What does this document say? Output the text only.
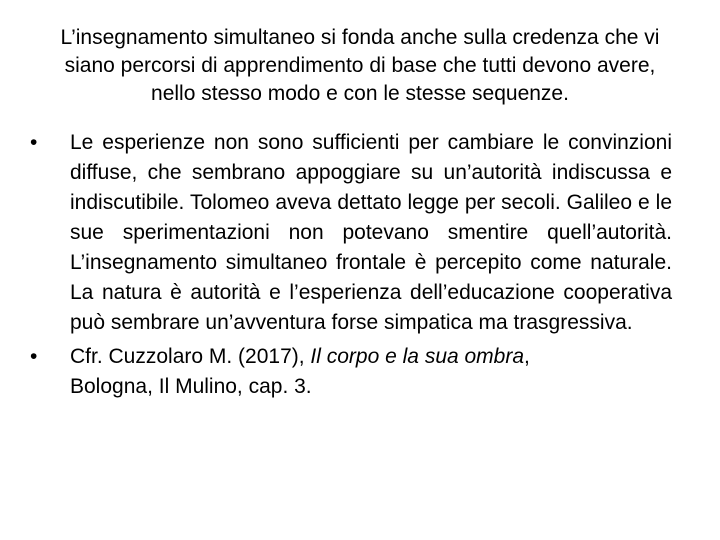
L’insegnamento simultaneo si fonda anche sulla credenza che vi siano percorsi di apprendimento di base che tutti devono avere, nello stesso modo e con le stesse sequenze.

•	Le esperienze non sono sufficienti per cambiare le convinzioni diffuse, che sembrano appoggiare su un’autorità indiscussa e indiscutibile. Tolomeo aveva dettato legge per secoli. Galileo e le sue sperimentazioni non potevano smentire quell’autorità. L’insegnamento simultaneo frontale è percepito come naturale. La natura è autorità e l’esperienza dell’educazione cooperativa può sembrare un’avventura forse simpatica ma trasgressiva.
•	Cfr. Cuzzolaro M. (2017), Il corpo e la sua ombra,
Bologna, Il Mulino, cap. 3.
